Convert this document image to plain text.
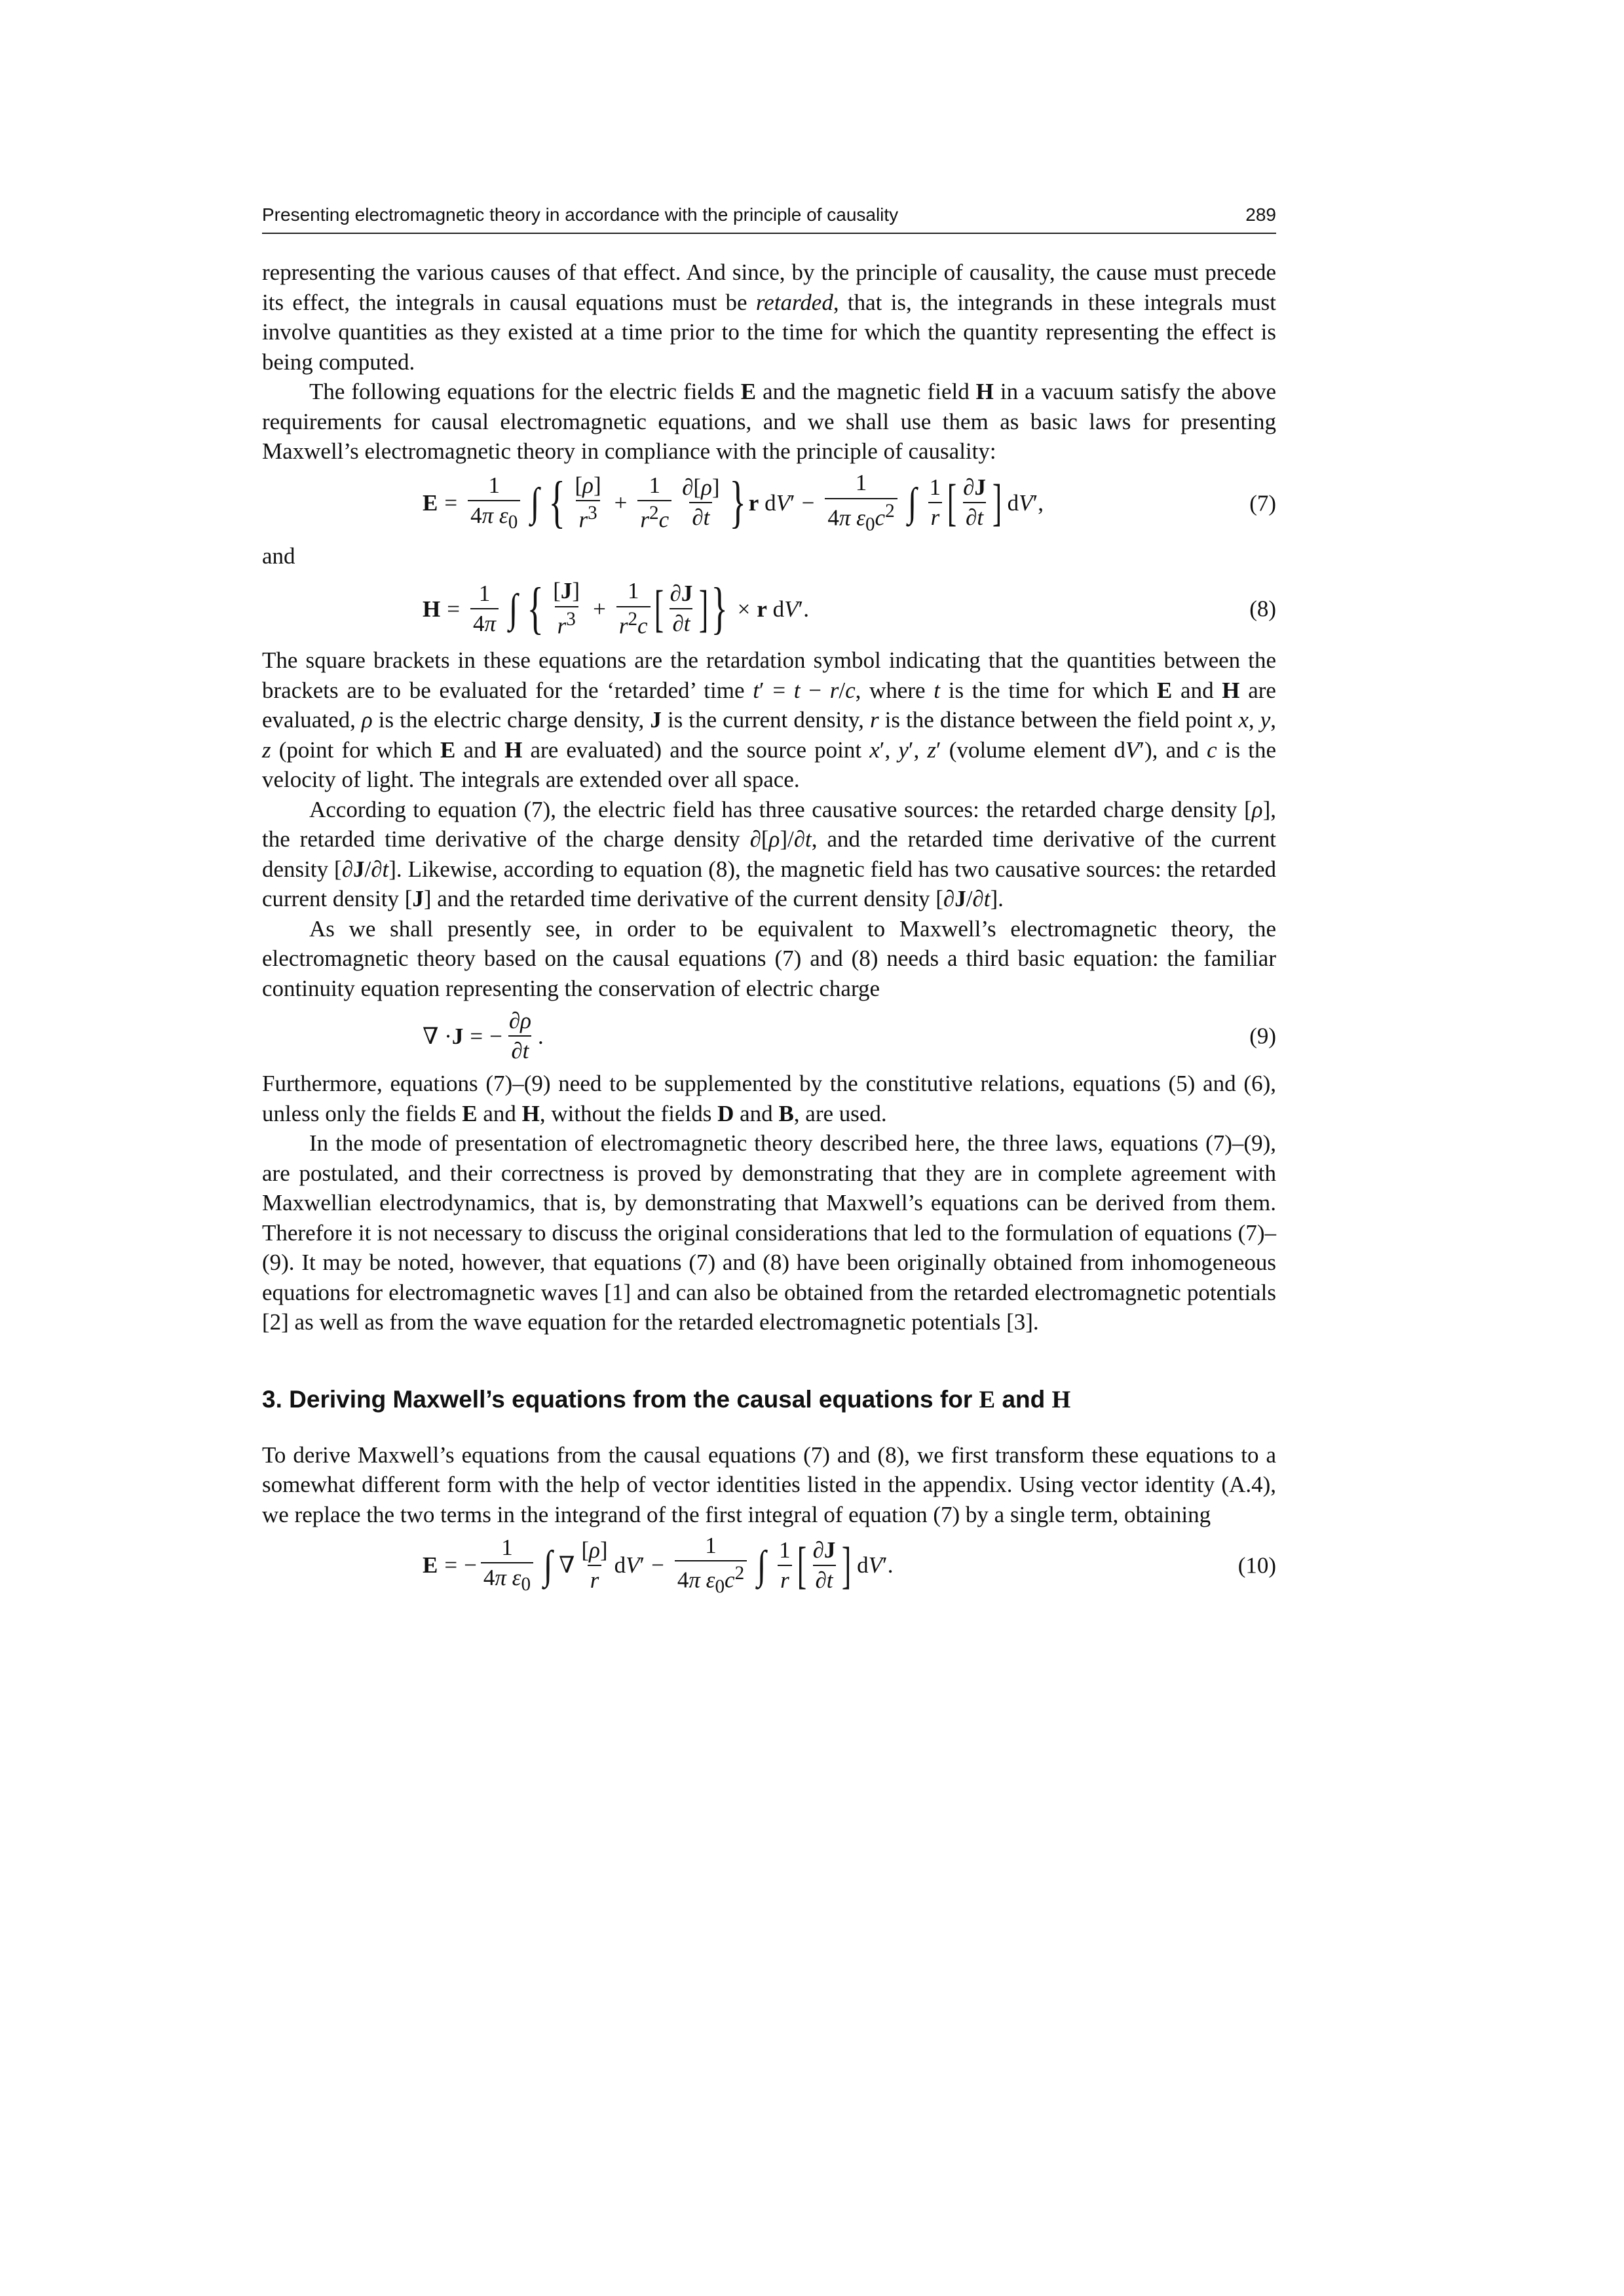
Presenting electromagnetic theory in accordance with the principle of causality	289

representing the various causes of that effect. And since, by the principle of causality, the cause must precede its effect, the integrals in causal equations must be retarded, that is, the integrands in these integrals must involve quantities as they existed at a time prior to the time for which the quantity representing the effect is being computed.

The following equations for the electric fields E and the magnetic field H in a vacuum satisfy the above requirements for causal electromagnetic equations, and we shall use them as basic laws for presenting Maxwell’s electromagnetic theory in compliance with the principle of causality:

$E = \frac{1}{4\pi \varepsilon_0}$ ∫ { $\frac{[\rho]}{r^3} + \frac{1}{r^2c} \frac{\partial[\rho]}{\partial t}$ } r d V ′ − $\frac{1}{4\pi \varepsilon_0c^2}$ ∫ $\frac{1}{r}$ [ $\frac{\partial J}{\partial t}$ ] d V ′,	(7)

and

$H = \frac{1}{4\pi}$ ∫ { $\frac{[J]}{r^3} + \frac{1}{r^2c}$ [ $\frac{\partial J}{\partial t}$ ] } × r d V ′.	(8)

The square brackets in these equations are the retardation symbol indicating that the quantities between the brackets are to be evaluated for the ‘retarded’ time t′ = t − r/c, where t is the time for which E and H are evaluated, ρ is the electric charge density, J is the current density, r is the distance between the field point x, y, z (point for which E and H are evaluated) and the source point x′, y′, z′ (volume element dV′), and c is the velocity of light. The integrals are extended over all space.

According to equation (7), the electric field has three causative sources: the retarded charge density [ρ], the retarded time derivative of the charge density ∂[ρ]/∂t, and the retarded time derivative of the current density [∂J/∂t]. Likewise, according to equation (8), the magnetic field has two causative sources: the retarded current density [J] and the retarded time derivative of the current density [∂J/∂t].

As we shall presently see, in order to be equivalent to Maxwell’s electromagnetic theory, the electromagnetic theory based on the causal equations (7) and (8) needs a third basic equation: the familiar continuity equation representing the conservation of electric charge

∇ · J = − $\frac{\partial\rho}{\partial t}$ .	(9)

Furthermore, equations (7)–(9) need to be supplemented by the constitutive relations, equations (5) and (6), unless only the fields E and H, without the fields D and B, are used.

In the mode of presentation of electromagnetic theory described here, the three laws, equations (7)–(9), are postulated, and their correctness is proved by demonstrating that they are in complete agreement with Maxwellian electrodynamics, that is, by demonstrating that Maxwell’s equations can be derived from them. Therefore it is not necessary to discuss the original considerations that led to the formulation of equations (7)–(9). It may be noted, however, that equations (7) and (8) have been originally obtained from inhomogeneous equations for electromagnetic waves [1] and can also be obtained from the retarded electromagnetic potentials [2] as well as from the wave equation for the retarded electromagnetic potentials [3].

3. Deriving Maxwell’s equations from the causal equations for E and H

To derive Maxwell’s equations from the causal equations (7) and (8), we first transform these equations to a somewhat different form with the help of vector identities listed in the appendix. Using vector identity (A.4), we replace the two terms in the integrand of the first integral of equation (7) by a single term, obtaining

E = − $\frac{1}{4\pi \varepsilon_0}$ ∫ ∇ $\frac{[\rho]}{r}$ d V ′ − $\frac{1}{4\pi \varepsilon_0c^2}$ ∫ $\frac{1}{r}$ [ $\frac{\partial J}{\partial t}$ ] d V ′.	(10)
